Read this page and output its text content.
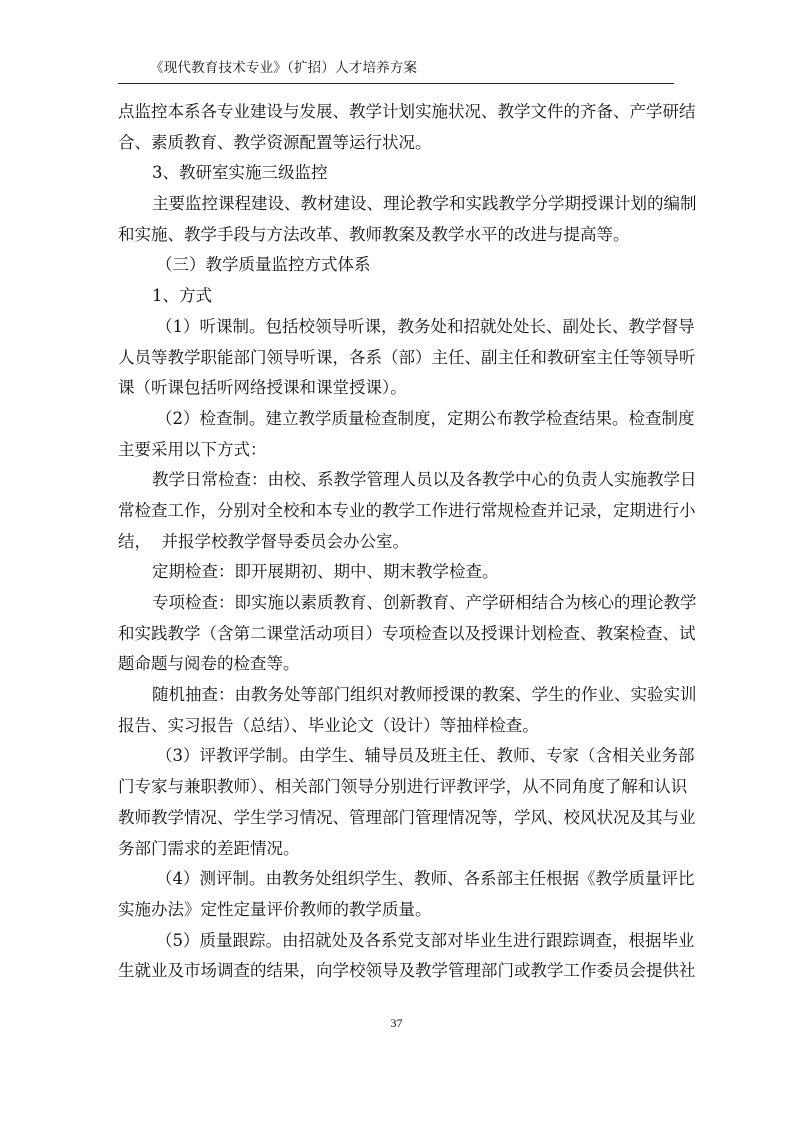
《现代教育技术专业》（扩招）人才培养方案
点监控本系各专业建设与发展、教学计划实施状况、教学文件的齐备、产学研结
合、素质教育、教学资源配置等运行状况。
3、教研室实施三级监控
主要监控课程建设、教材建设、理论教学和实践教学分学期授课计划的编制
和实施、教学手段与方法改革、教师教案及教学水平的改进与提高等。
（三）教学质量监控方式体系
1、方式
（1）听课制。包括校领导听课，教务处和招就处处长、副处长、教学督导
人员等教学职能部门领导听课，各系（部）主任、副主任和教研室主任等领导听
课（听课包括听网络授课和课堂授课）。
（2）检查制。建立教学质量检查制度，定期公布教学检查结果。检查制度
主要采用以下方式：
教学日常检查：由校、系教学管理人员以及各教学中心的负责人实施教学日
常检查工作，分别对全校和本专业的教学工作进行常规检查并记录，定期进行小
结，  并报学校教学督导委员会办公室。
定期检查：即开展期初、期中、期末教学检查。
专项检查：即实施以素质教育、创新教育、产学研相结合为核心的理论教学
和实践教学（含第二课堂活动项目）专项检查以及授课计划检查、教案检查、试
题命题与阅卷的检查等。
随机抽查：由教务处等部门组织对教师授课的教案、学生的作业、实验实训
报告、实习报告（总结）、毕业论文（设计）等抽样检查。
（3）评教评学制。由学生、辅导员及班主任、教师、专家（含相关业务部
门专家与兼职教师）、相关部门领导分别进行评教评学，从不同角度了解和认识
教师教学情况、学生学习情况、管理部门管理情况等，学风、校风状况及其与业
务部门需求的差距情况。
（4）测评制。由教务处组织学生、教师、各系部主任根据《教学质量评比
实施办法》定性定量评价教师的教学质量。
（5）质量跟踪。由招就处及各系党支部对毕业生进行跟踪调查，根据毕业
生就业及市场调查的结果，向学校领导及教学管理部门或教学工作委员会提供社
37
